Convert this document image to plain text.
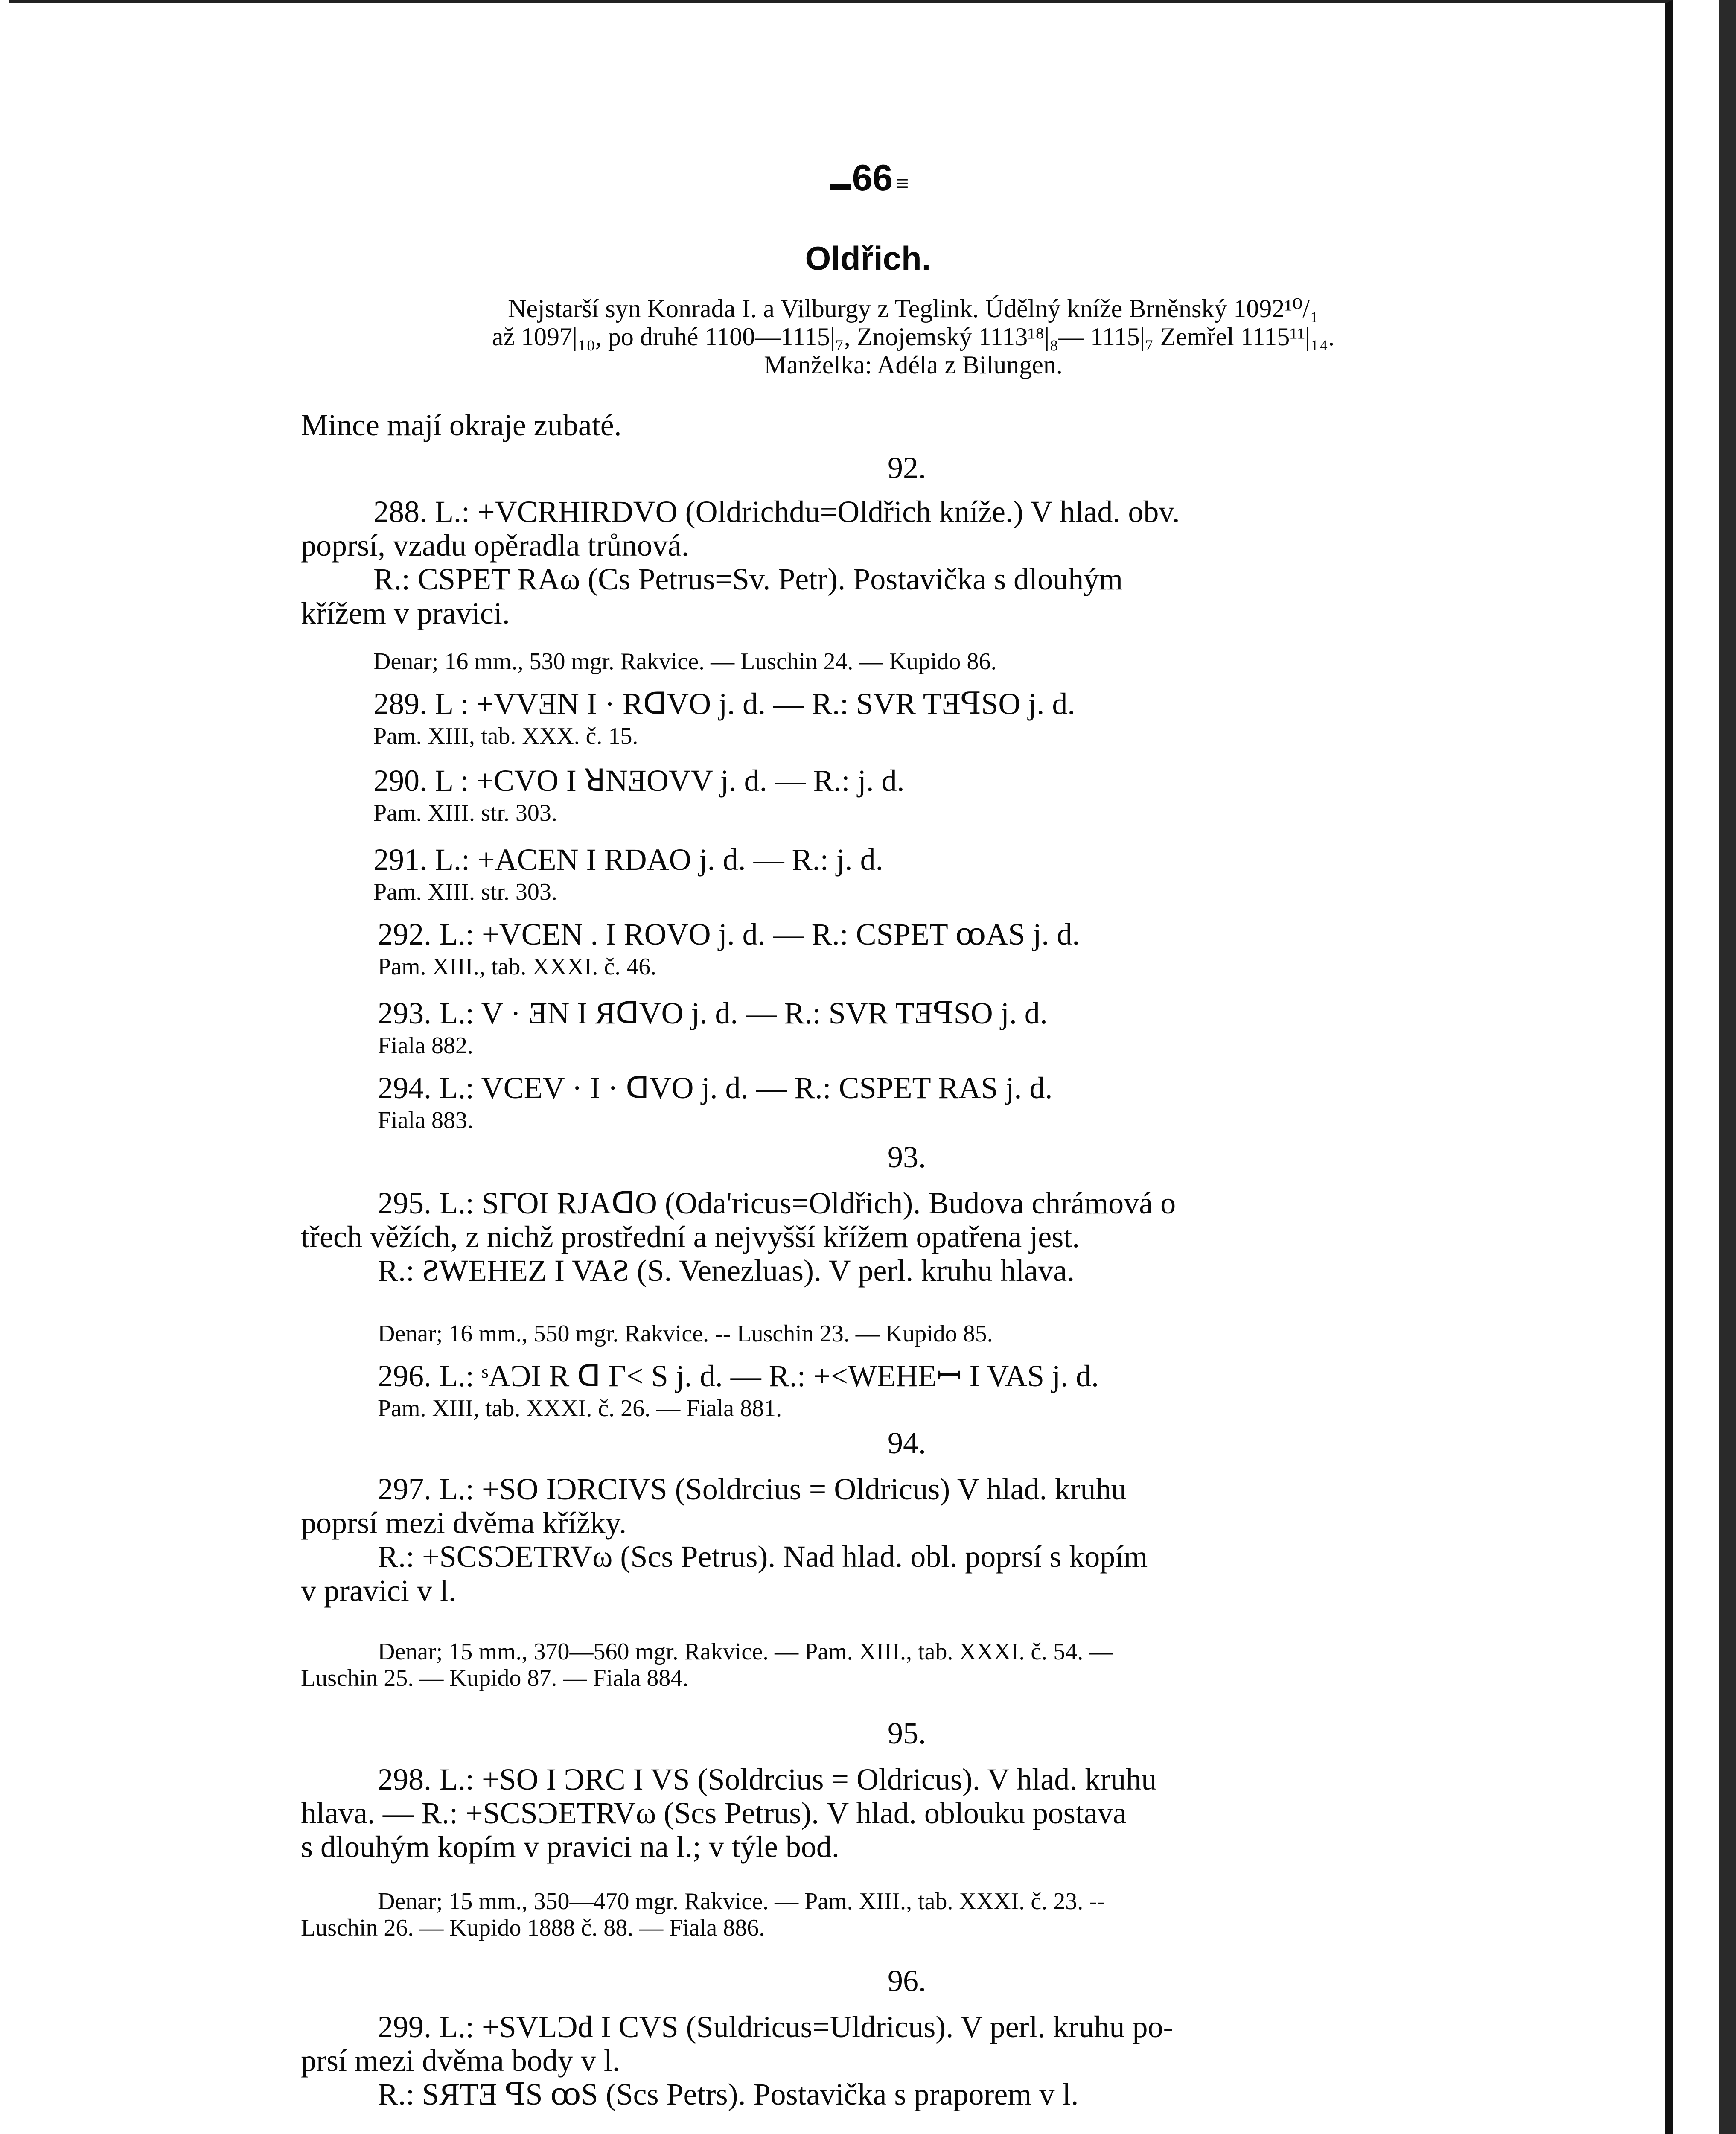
▬ 66 ≡
Oldřich.

Nejstarší syn Konrada I. a Vilburgy z Teglink. Údělný kníže Brněnský 1092¹⁰/₁

až 1097|₁₀, po druhé 1100—1115|₇, Znojemský 1113¹⁸|₈— 1115|₇ Zemřel 1115¹¹|₁₄.

Manželka: Adéla z Bilungen.

Mince mají okraje zubaté.
92.

288. L.: +VCRHIRDVO (Oldrichdu=Oldřich kníže.) V hlad. obv.

poprsí, vzadu opěradla trůnová.

R.: CSPET RAω (Cs Petrus=Sv. Petr). Postavička s dlouhým

křížem v pravici.

Denar; 16 mm., 530 mgr. Rakvice. — Luschin 24. — Kupido 86.

289. L : +VVƎN I · RꓷVO j. d. — R.: SVR TƎꟼSO j. d.

Pam. XIII, tab. XXX. č. 15.

290. L : +CVO I ꓤNƎOVV j. d. — R.: j. d.

Pam. XIII. str. 303.

291. L.: +ACEN I RDAO j. d. — R.: j. d.

Pam. XIII. str. 303.

292. L.: +VCEN . I ROVO j. d. — R.: CSPET ꝏAS j. d.

Pam. XIII., tab. XXXI. č. 46.

293. L.: V · ƎN I ЯꓷVO j. d. — R.: SVR TƎꟼSO j. d.

Fiala 882.

294. L.: VCEV · I · ꓷVO j. d. — R.: CSPET RAS j. d.

Fiala 883.

93.

295. L.: SΓOI RJAꓷO (Oda'ricus=Oldřich). Budova chrámová o

třech věžích, z nichž prostřední a nejvyšší křížem opatřena jest.

R.: ƧWEHEZ I VAƧ (S. Venezluas). V perl. kruhu hlava.

Denar; 16 mm., 550 mgr. Rakvice. -- Luschin 23. — Kupido 85.

296. L.: ˢAƆI R ꓷ Γ< S j. d. — R.: +<WEHEꟷ I VAS j. d.

Pam. XIII, tab. XXXI. č. 26. — Fiala 881.

94.

297. L.: +SO IƆRCIVS (Soldrcius = Oldricus) V hlad. kruhu

poprsí mezi dvěma křížky.

R.: +SCSƆETRVω (Scs Petrus). Nad hlad. obl. poprsí s kopím

v pravici v l.

Denar; 15 mm., 370—560 mgr. Rakvice. — Pam. XIII., tab. XXXI. č. 54. —

Luschin 25. — Kupido 87. — Fiala 884.

95.

298. L.: +SO I ƆRC I VS (Soldrcius = Oldricus). V hlad. kruhu

hlava. — R.: +SCSƆETRVω (Scs Petrus). V hlad. oblouku postava

s dlouhým kopím v pravici na l.; v týle bod.

Denar; 15 mm., 350—470 mgr. Rakvice. — Pam. XIII., tab. XXXI. č. 23. --

Luschin 26. — Kupido 1888 č. 88. — Fiala 886.

96.

299. L.: +SVLƆd I CVS (Suldricus=Uldricus). V perl. kruhu po-

prsí mezi dvěma body v l.

R.: SЯTƎ ꟼS ꝏS (Scs Petrs). Postavička s praporem v l.
